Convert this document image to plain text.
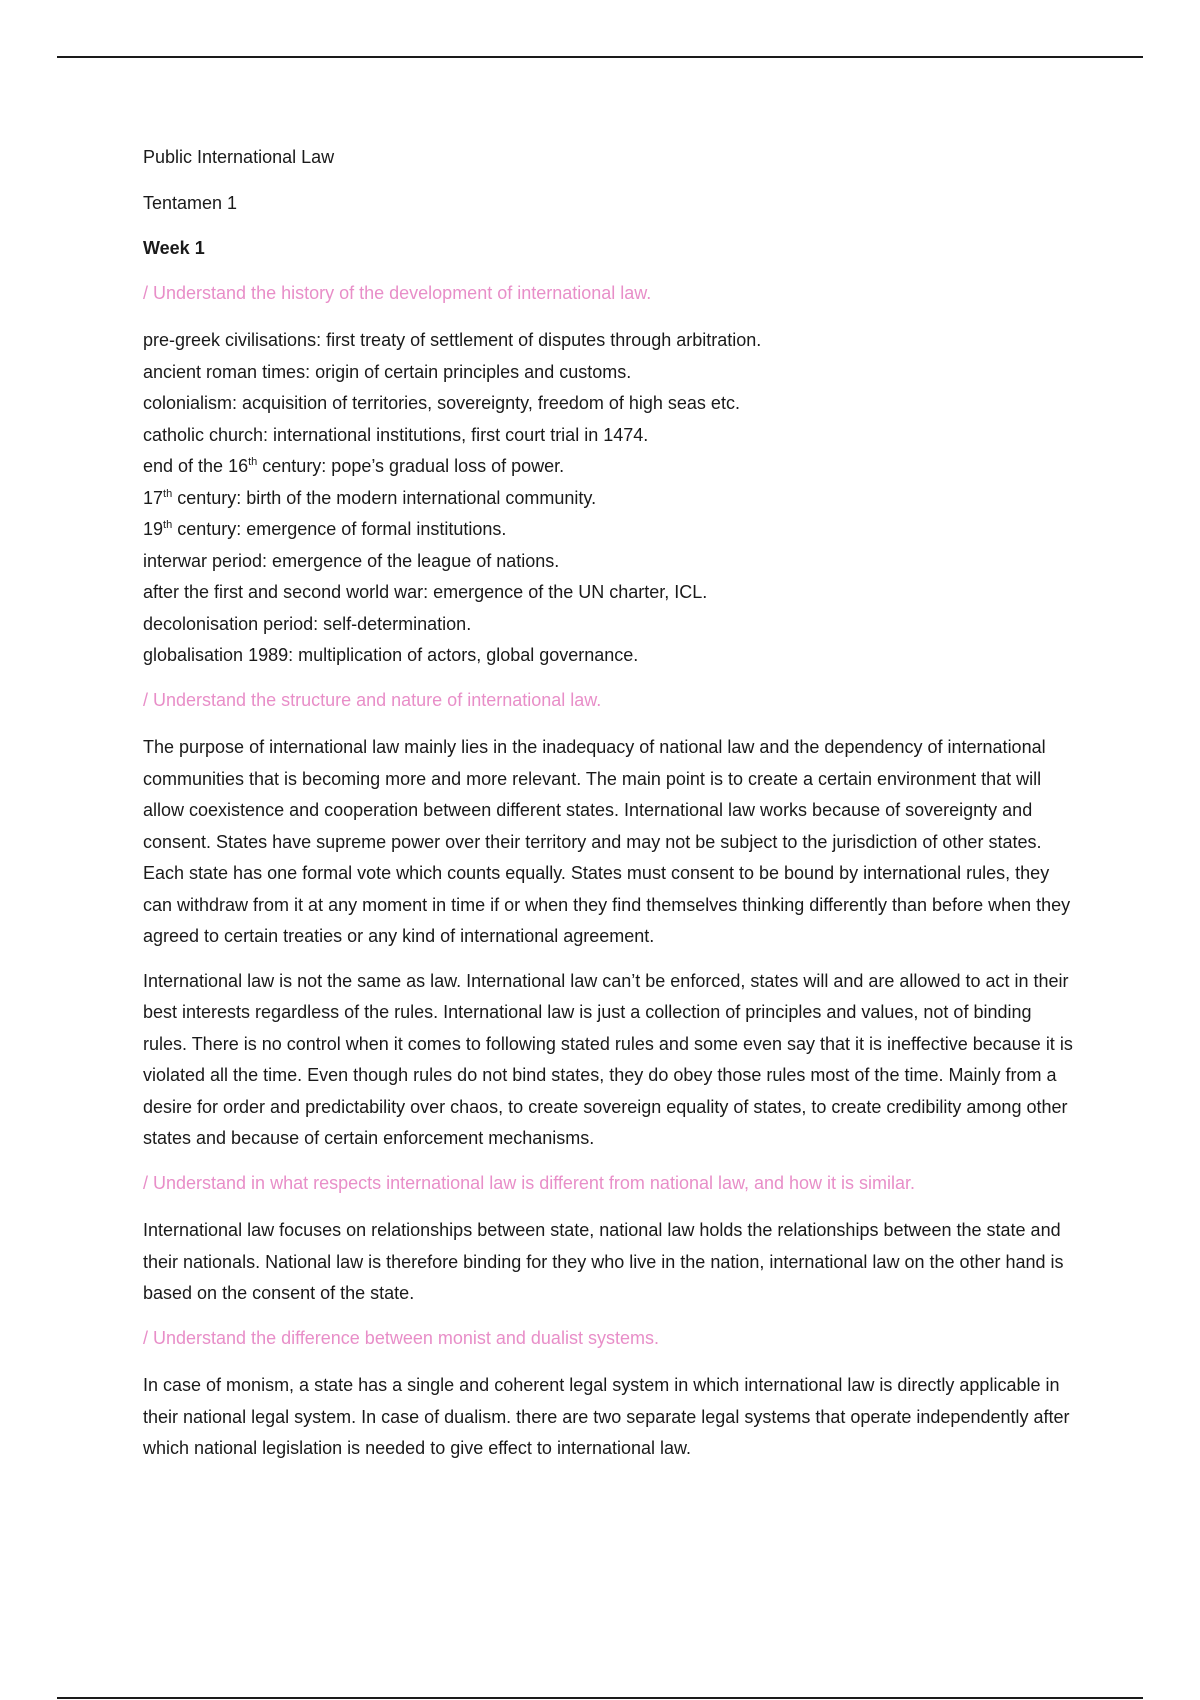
Public International Law

Tentamen 1

Week 1

/ Understand the history of the development of international law.

pre-greek civilisations: first treaty of settlement of disputes through arbitration.
ancient roman times: origin of certain principles and customs.
colonialism: acquisition of territories, sovereignty, freedom of high seas etc.
catholic church: international institutions, first court trial in 1474.
end of the 16th century: pope’s gradual loss of power.
17th century: birth of the modern international community.
19th century: emergence of formal institutions.
interwar period: emergence of the league of nations.
after the first and second world war: emergence of the UN charter, ICL.
decolonisation period: self-determination.
globalisation 1989: multiplication of actors, global governance.

/ Understand the structure and nature of international law.

The purpose of international law mainly lies in the inadequacy of national law and the dependency of international communities that is becoming more and more relevant. The main point is to create a certain environment that will allow coexistence and cooperation between different states. International law works because of sovereignty and consent. States have supreme power over their territory and may not be subject to the jurisdiction of other states. Each state has one formal vote which counts equally. States must consent to be bound by international rules, they can withdraw from it at any moment in time if or when they find themselves thinking differently than before when they agreed to certain treaties or any kind of international agreement.

International law is not the same as law. International law can’t be enforced, states will and are allowed to act in their best interests regardless of the rules. International law is just a collection of principles and values, not of binding rules. There is no control when it comes to following stated rules and some even say that it is ineffective because it is violated all the time. Even though rules do not bind states, they do obey those rules most of the time. Mainly from a desire for order and predictability over chaos, to create sovereign equality of states, to create credibility among other states and because of certain enforcement mechanisms.

/ Understand in what respects international law is different from national law, and how it is similar.

International law focuses on relationships between state, national law holds the relationships between the state and their nationals. National law is therefore binding for they who live in the nation, international law on the other hand is based on the consent of the state.

/ Understand the difference between monist and dualist systems.

In case of monism, a state has a single and coherent legal system in which international law is directly applicable in their national legal system. In case of dualism. there are two separate legal systems that operate independently after which national legislation is needed to give effect to international law.
